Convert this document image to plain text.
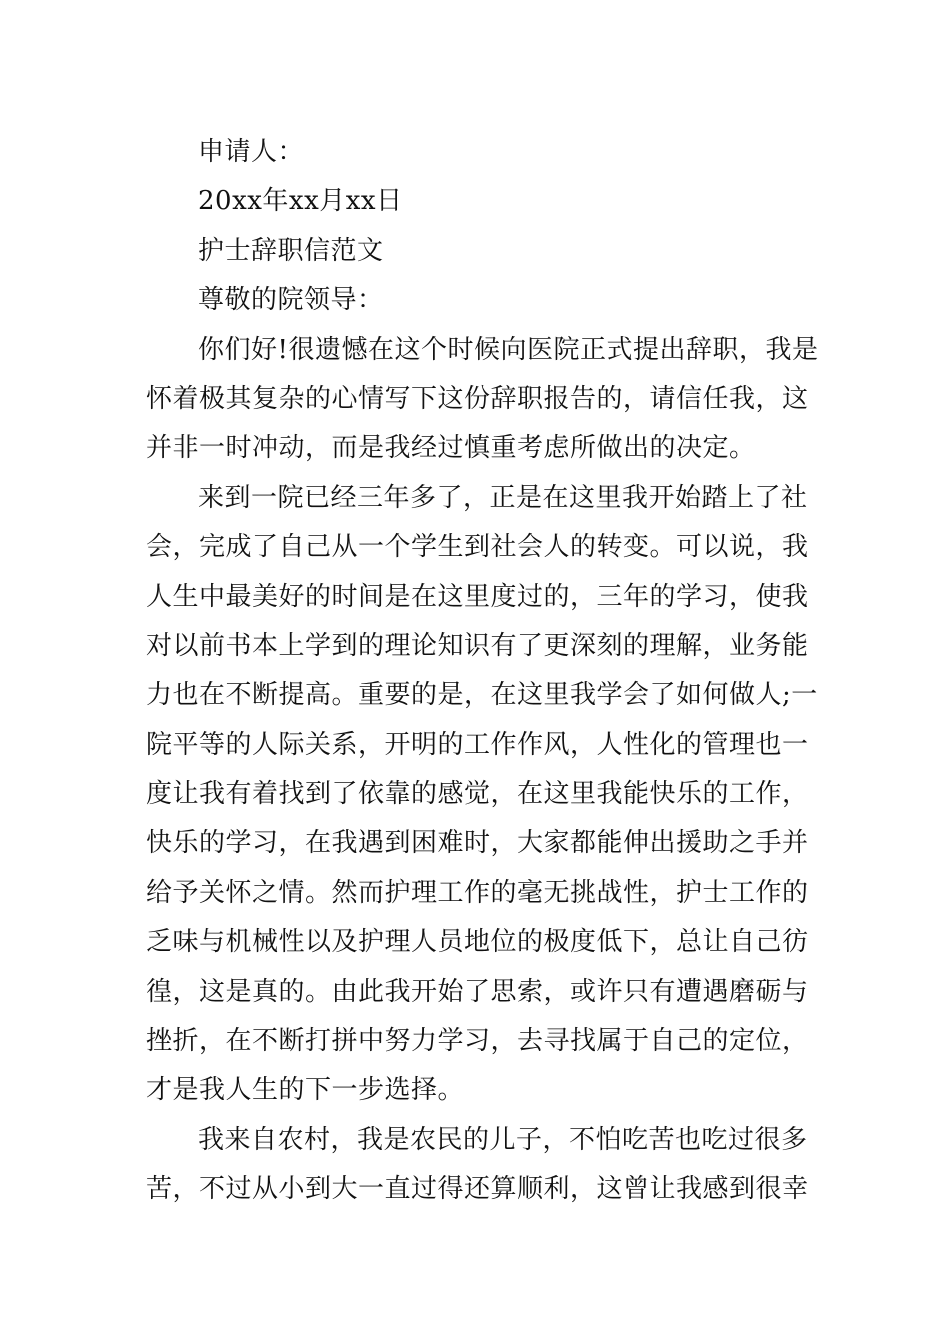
申请人：
20xx年xx月xx日
护士辞职信范文
尊敬的院领导：
你们好!很遗憾在这个时候向医院正式提出辞职，我是
怀着极其复杂的心情写下这份辞职报告的，请信任我，这
并非一时冲动，而是我经过慎重考虑所做出的决定。
来到一院已经三年多了，正是在这里我开始踏上了社
会，完成了自己从一个学生到社会人的转变。可以说，我
人生中最美好的时间是在这里度过的，三年的学习，使我
对以前书本上学到的理论知识有了更深刻的理解，业务能
力也在不断提高。重要的是，在这里我学会了如何做人;一
院平等的人际关系，开明的工作作风，人性化的管理也一
度让我有着找到了依靠的感觉，在这里我能快乐的工作，
快乐的学习，在我遇到困难时，大家都能伸出援助之手并
给予关怀之情。然而护理工作的毫无挑战性，护士工作的
乏味与机械性以及护理人员地位的极度低下，总让自己彷
徨，这是真的。由此我开始了思索，或许只有遭遇磨砺与
挫折，在不断打拼中努力学习，去寻找属于自己的定位，
才是我人生的下一步选择。
我来自农村，我是农民的儿子，不怕吃苦也吃过很多
苦，不过从小到大一直过得还算顺利，这曾让我感到很幸
